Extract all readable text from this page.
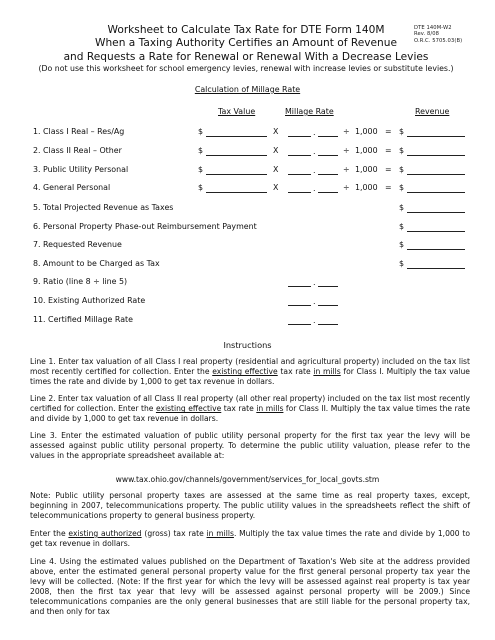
DTE 140M-W2
Rev. 8/08
O.R.C. 5705.03(B)
Worksheet to Calculate Tax Rate for DTE Form 140M
When a Taxing Authority Certifies an Amount of Revenue
and Requests a Rate for Renewal or Renewal With a Decrease Levies
(Do not use this worksheet for school emergency levies, renewal with increase levies or substitute levies.)
Calculation of Millage Rate
Tax Value	Millage Rate	Revenue
1. Class I Real – Res/Ag	$	X	.	÷ 1,000 = $
2. Class II Real – Other	$	X	.	÷ 1,000 = $
3. Public Utility Personal	$	X	.	÷ 1,000 = $
4. General Personal	$	X	.	÷ 1,000 = $
5. Total Projected Revenue as Taxes	$
6. Personal Property Phase-out Reimbursement Payment	$
7. Requested Revenue	$
8. Amount to be Charged as Tax	$
9. Ratio (line 8 ÷ line 5)	.
10. Existing Authorized Rate	.
11. Certified Millage Rate	.
Instructions

Line 1. Enter tax valuation of all Class I real property (residential and agricultural property) included on the tax list most recently certified for collection. Enter the existing effective tax rate in mills for Class I. Multiply the tax value times the rate and divide by 1,000 to get tax revenue in dollars.

Line 2. Enter tax valuation of all Class II real property (all other real property) included on the tax list most recently certified for collection. Enter the existing effective tax rate in mills for Class II. Multiply the tax value times the rate and divide by 1,000 to get tax revenue in dollars.

Line 3. Enter the estimated valuation of public utility personal property for the first tax year the levy will be assessed against public utility personal property. To determine the public utility valuation, please refer to the values in the appropriate spreadsheet available at:

www.tax.ohio.gov/channels/government/services_for_local_govts.stm

Note: Public utility personal property taxes are assessed at the same time as real property taxes, except, beginning in 2007, telecommunications property. The public utility values in the spreadsheets reflect the shift of telecommunications property to general business property.

Enter the existing authorized (gross) tax rate in mills. Multiply the tax value times the rate and divide by 1,000 to get tax revenue in dollars.

Line 4. Using the estimated values published on the Department of Taxation's Web site at the address provided above, enter the estimated general personal property value for the first general personal property tax year the levy will be collected. (Note: If the first year for which the levy will be assessed against real property is tax year 2008, then the first tax year that levy will be assessed against personal property will be 2009.) Since telecommunications companies are the only general businesses that are still liable for the personal property tax, and then only for tax
